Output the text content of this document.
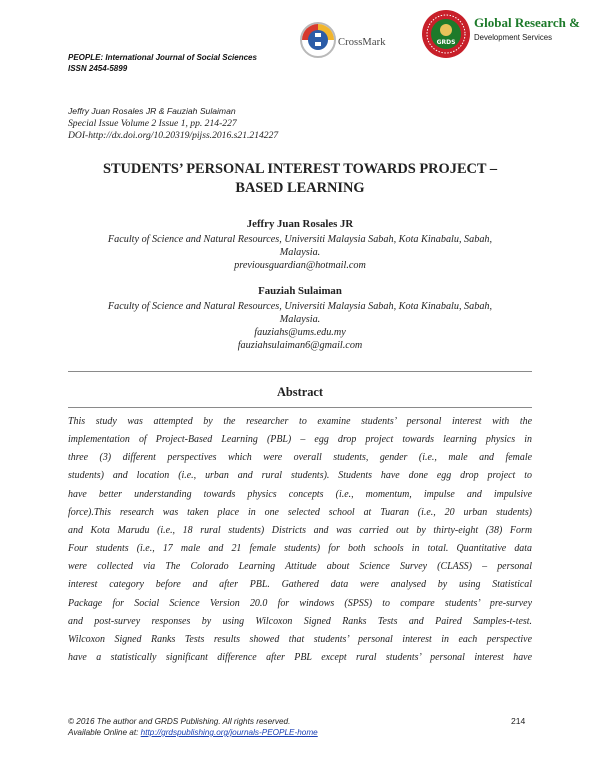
PEOPLE: International Journal of Social Sciences
ISSN 2454-5899
CrossMark	GRDS
Global Research &
Development Services
Jeffry Juan Rosales JR & Fauziah Sulaiman
Special Issue Volume 2 Issue 1, pp. 214-227
DOI-http://dx.doi.org/10.20319/pijss.2016.s21.214227
STUDENTS’ PERSONAL INTEREST TOWARDS PROJECT –
BASED LEARNING
Jeffry Juan Rosales JR
Faculty of Science and Natural Resources, Universiti Malaysia Sabah, Kota Kinabalu, Sabah,
Malaysia.
previousguardian@hotmail.com
Fauziah Sulaiman
Faculty of Science and Natural Resources, Universiti Malaysia Sabah, Kota Kinabalu, Sabah,
Malaysia.
fauziahs@ums.edu.my
fauziahsulaiman6@gmail.com
Abstract
This study was attempted by the researcher to examine students’ personal interest with the
implementation of Project-Based Learning (PBL) – egg drop project towards learning physics in
three (3) different perspectives which were overall students, gender (i.e., male and female
students) and location (i.e., urban and rural students). Students have done egg drop project to
have better understanding towards physics concepts (i.e., momentum, impulse and impulsive
force).This research was taken place in one selected school at Tuaran (i.e., 20 urban students)
and Kota Marudu (i.e., 18 rural students) Districts and was carried out by thirty-eight (38) Form
Four students (i.e., 17 male and 21 female students) for both schools in total. Quantitative data
were collected via The Colorado Learning Attitude about Science Survey (CLASS) – personal
interest category before and after PBL. Gathered data were analysed by using Statistical
Package for Social Science Version 20.0 for windows (SPSS) to compare students’ pre-survey
and post-survey responses by using Wilcoxon Signed Ranks Tests and Paired Samples-t-test.
Wilcoxon Signed Ranks Tests results showed that students’ personal interest in each perspective
have a statistically significant difference after PBL except rural students’ personal interest have
© 2016 The author and GRDS Publishing. All rights reserved.
Available Online at: http://grdspublishing.org/journals-PEOPLE-home
214
